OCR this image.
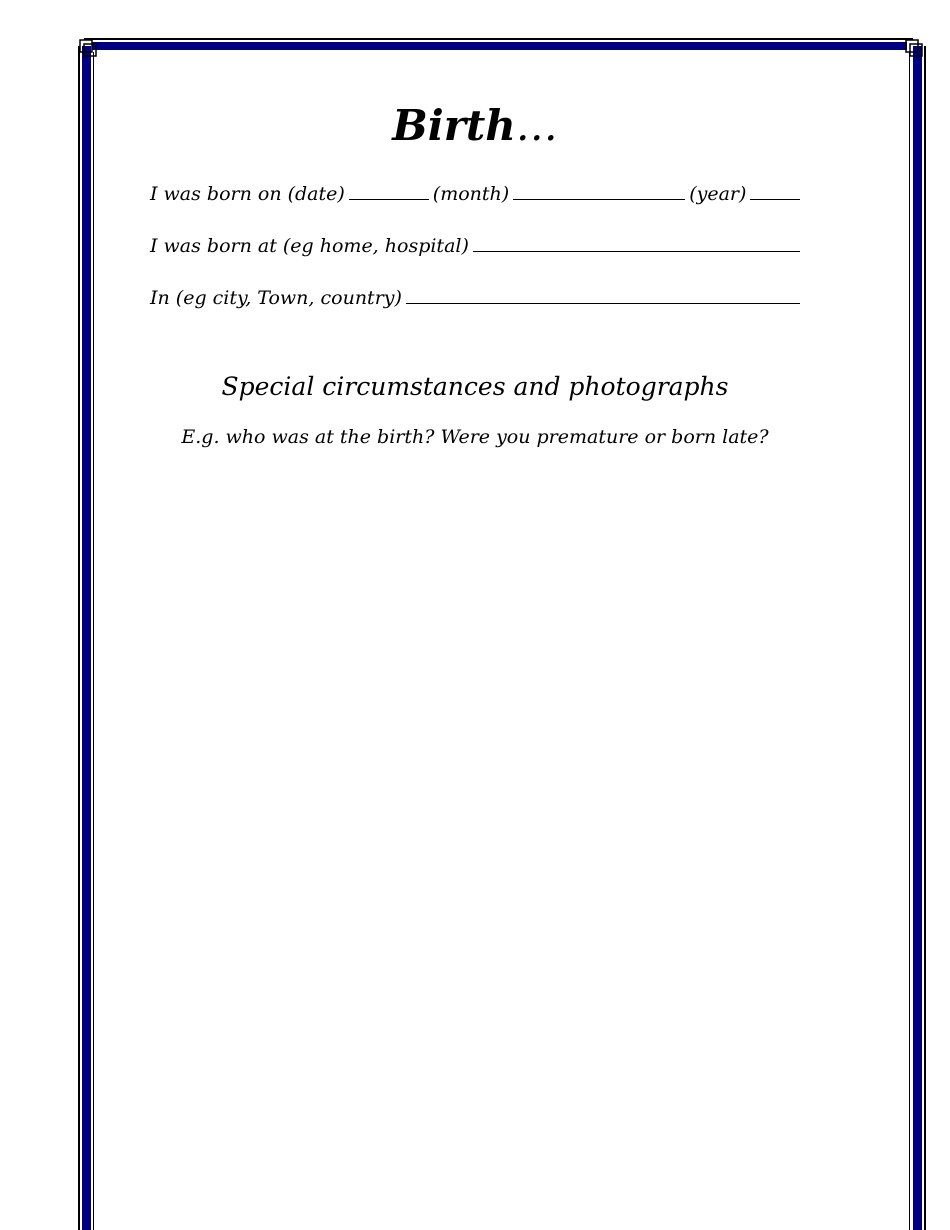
Birth…
I was born on (date)	(month)	(year)
I was born at (eg home, hospital)
In (eg city, Town, country)
Special circumstances and photographs
E.g. who was at the birth? Were you premature or born late?
